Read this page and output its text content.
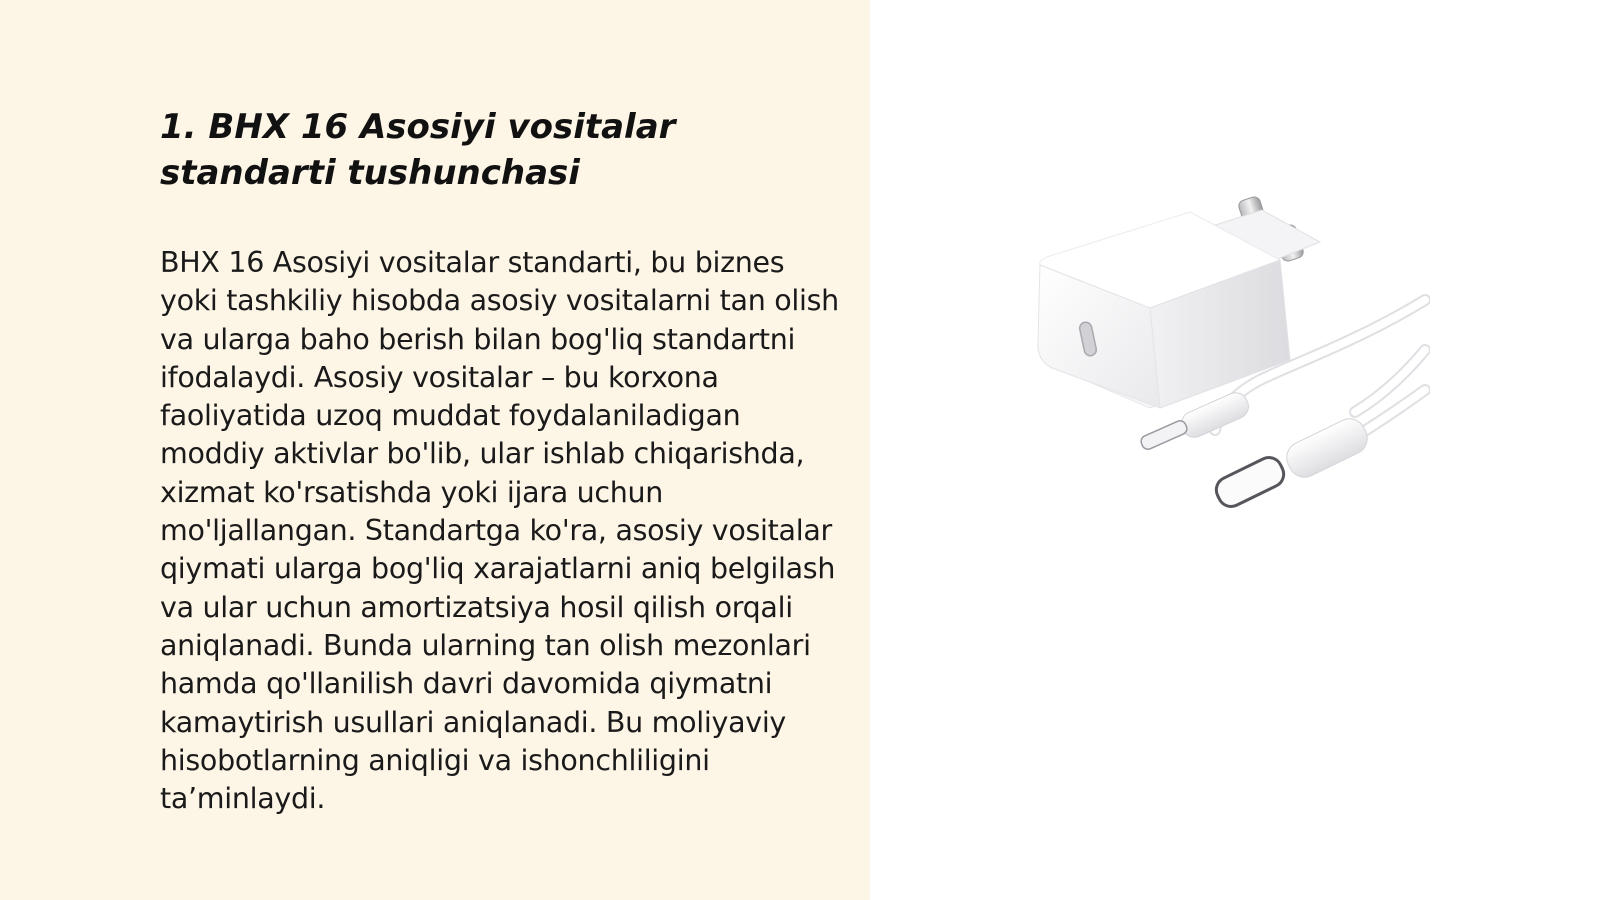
1. BHX 16 Asosiyi vositalar standarti tushunchasi

BHX 16 Asosiyi vositalar standarti, bu biznes yoki tashkiliy hisobda asosiy vositalarni tan olish va ularga baho berish bilan bog'liq standartni ifodalaydi. Asosiy vositalar – bu korxona faoliyatida uzoq muddat foydalaniladigan moddiy aktivlar bo'lib, ular ishlab chiqarishda, xizmat ko'rsatishda yoki ijara uchun mo'ljallangan. Standartga ko'ra, asosiy vositalar qiymati ularga bog'liq xarajatlarni aniq belgilash va ular uchun amortizatsiya hosil qilish orqali aniqlanadi. Bunda ularning tan olish mezonlari hamda qo'llanilish davri davomida qiymatni kamaytirish usullari aniqlanadi. Bu moliyaviy hisobotlarning aniqligi va ishonchliligini ta’minlaydi.
